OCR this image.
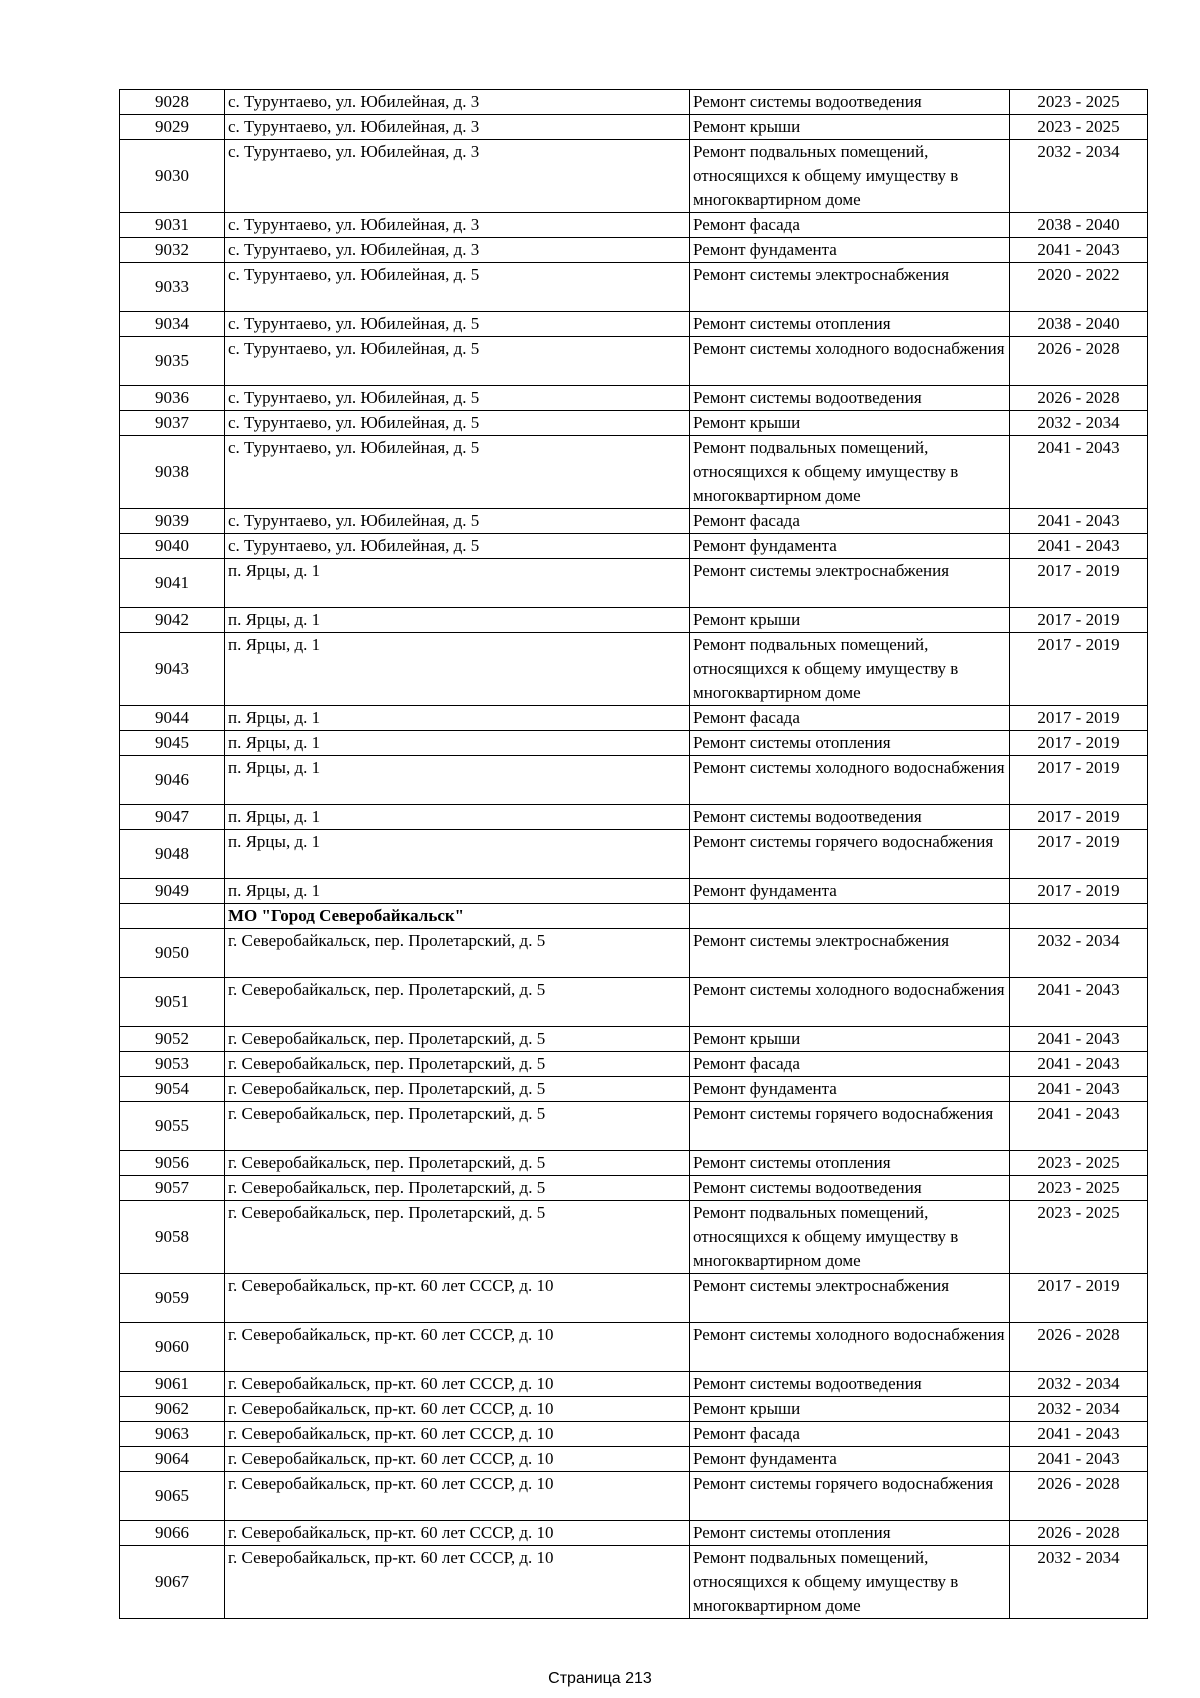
9028	с. Турунтаево, ул. Юбилейная, д. 3	Ремонт системы водоотведения	2023 - 2025
9029	с. Турунтаево, ул. Юбилейная, д. 3	Ремонт крыши	2023 - 2025
9030	с. Турунтаево, ул. Юбилейная, д. 3	Ремонт подвальных помещений, относящихся к общему имуществу в многоквартирном доме	2032 - 2034
9031	с. Турунтаево, ул. Юбилейная, д. 3	Ремонт фасада	2038 - 2040
9032	с. Турунтаево, ул. Юбилейная, д. 3	Ремонт фундамента	2041 - 2043
9033	с. Турунтаево, ул. Юбилейная, д. 5	Ремонт системы электроснабжения	2020 - 2022
9034	с. Турунтаево, ул. Юбилейная, д. 5	Ремонт системы отопления	2038 - 2040
9035	с. Турунтаево, ул. Юбилейная, д. 5	Ремонт системы холодного водоснабжения	2026 - 2028
9036	с. Турунтаево, ул. Юбилейная, д. 5	Ремонт системы водоотведения	2026 - 2028
9037	с. Турунтаево, ул. Юбилейная, д. 5	Ремонт крыши	2032 - 2034
9038	с. Турунтаево, ул. Юбилейная, д. 5	Ремонт подвальных помещений, относящихся к общему имуществу в многоквартирном доме	2041 - 2043
9039	с. Турунтаево, ул. Юбилейная, д. 5	Ремонт фасада	2041 - 2043
9040	с. Турунтаево, ул. Юбилейная, д. 5	Ремонт фундамента	2041 - 2043
9041	п. Ярцы, д. 1	Ремонт системы электроснабжения	2017 - 2019
9042	п. Ярцы, д. 1	Ремонт крыши	2017 - 2019
9043	п. Ярцы, д. 1	Ремонт подвальных помещений, относящихся к общему имуществу в многоквартирном доме	2017 - 2019
9044	п. Ярцы, д. 1	Ремонт фасада	2017 - 2019
9045	п. Ярцы, д. 1	Ремонт системы отопления	2017 - 2019
9046	п. Ярцы, д. 1	Ремонт системы холодного водоснабжения	2017 - 2019
9047	п. Ярцы, д. 1	Ремонт системы водоотведения	2017 - 2019
9048	п. Ярцы, д. 1	Ремонт системы горячего водоснабжения	2017 - 2019
9049	п. Ярцы, д. 1	Ремонт фундамента	2017 - 2019
	МО "Город Северобайкальск"		
9050	г. Северобайкальск, пер. Пролетарский, д. 5	Ремонт системы электроснабжения	2032 - 2034
9051	г. Северобайкальск, пер. Пролетарский, д. 5	Ремонт системы холодного водоснабжения	2041 - 2043
9052	г. Северобайкальск, пер. Пролетарский, д. 5	Ремонт крыши	2041 - 2043
9053	г. Северобайкальск, пер. Пролетарский, д. 5	Ремонт фасада	2041 - 2043
9054	г. Северобайкальск, пер. Пролетарский, д. 5	Ремонт фундамента	2041 - 2043
9055	г. Северобайкальск, пер. Пролетарский, д. 5	Ремонт системы горячего водоснабжения	2041 - 2043
9056	г. Северобайкальск, пер. Пролетарский, д. 5	Ремонт системы отопления	2023 - 2025
9057	г. Северобайкальск, пер. Пролетарский, д. 5	Ремонт системы водоотведения	2023 - 2025
9058	г. Северобайкальск, пер. Пролетарский, д. 5	Ремонт подвальных помещений, относящихся к общему имуществу в многоквартирном доме	2023 - 2025
9059	г. Северобайкальск, пр-кт. 60 лет СССР, д. 10	Ремонт системы электроснабжения	2017 - 2019
9060	г. Северобайкальск, пр-кт. 60 лет СССР, д. 10	Ремонт системы холодного водоснабжения	2026 - 2028
9061	г. Северобайкальск, пр-кт. 60 лет СССР, д. 10	Ремонт системы водоотведения	2032 - 2034
9062	г. Северобайкальск, пр-кт. 60 лет СССР, д. 10	Ремонт крыши	2032 - 2034
9063	г. Северобайкальск, пр-кт. 60 лет СССР, д. 10	Ремонт фасада	2041 - 2043
9064	г. Северобайкальск, пр-кт. 60 лет СССР, д. 10	Ремонт фундамента	2041 - 2043
9065	г. Северобайкальск, пр-кт. 60 лет СССР, д. 10	Ремонт системы горячего водоснабжения	2026 - 2028
9066	г. Северобайкальск, пр-кт. 60 лет СССР, д. 10	Ремонт системы отопления	2026 - 2028
9067	г. Северобайкальск, пр-кт. 60 лет СССР, д. 10	Ремонт подвальных помещений, относящихся к общему имуществу в многоквартирном доме	2032 - 2034
Страница 213
